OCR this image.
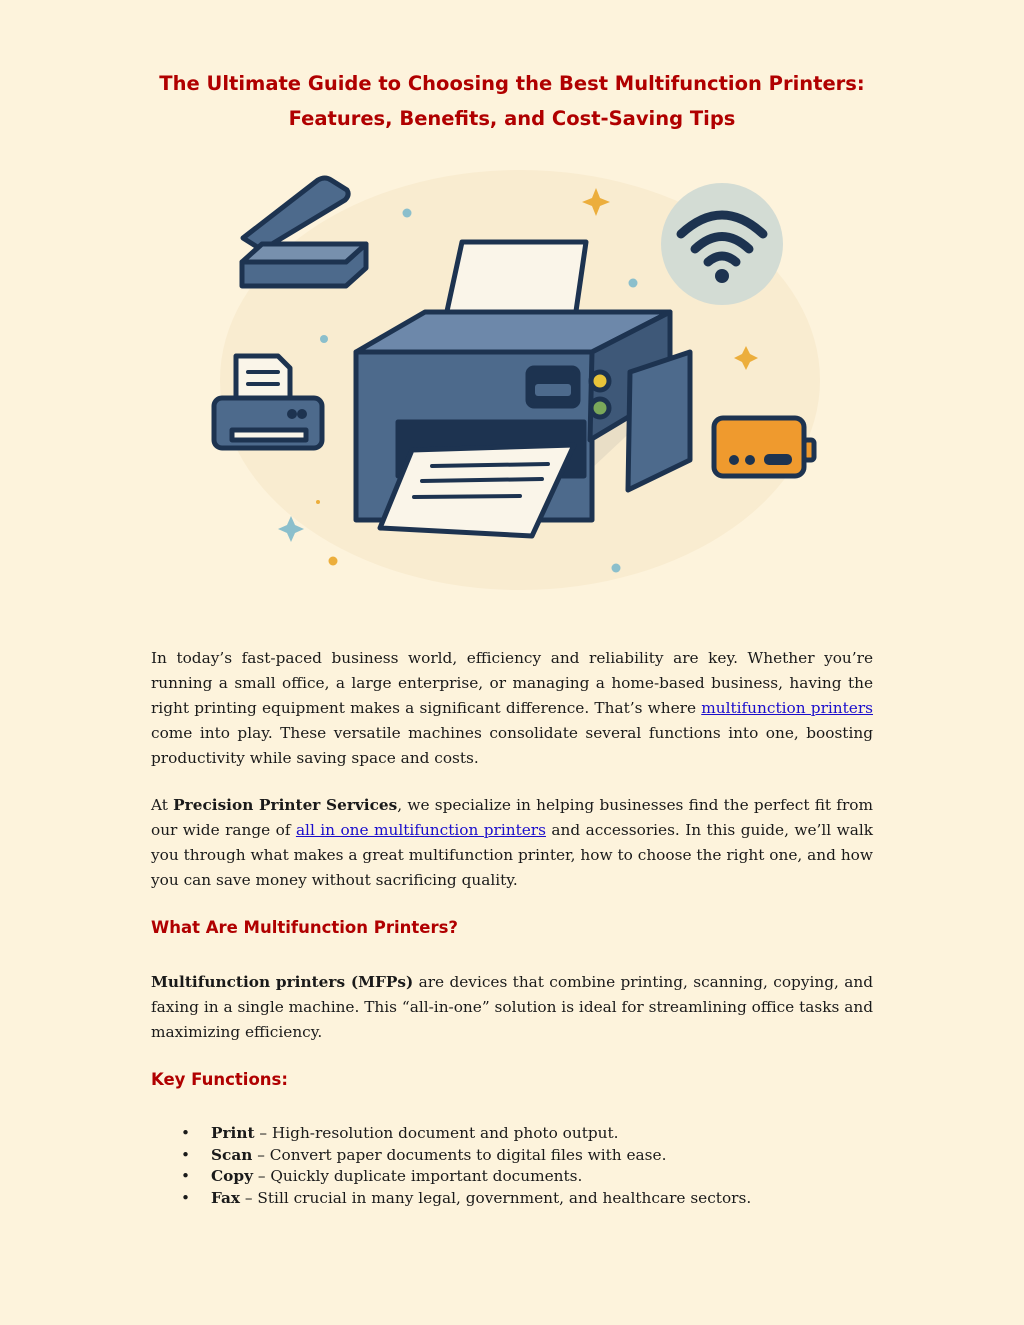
The Ultimate Guide to Choosing the Best Multifunction Printers:
Features, Benefits, and Cost-Saving Tips
In today’s fast-paced business world, efficiency and reliability are key. Whether you’re running a small office, a large enterprise, or managing a home-based business, having the right printing equipment makes a significant difference. That’s where multifunction printers come into play. These versatile machines consolidate several functions into one, boosting productivity while saving space and costs.
At Precision Printer Services, we specialize in helping businesses find the perfect fit from our wide range of all in one multifunction printers and accessories. In this guide, we’ll walk you through what makes a great multifunction printer, how to choose the right one, and how you can save money without sacrificing quality.
What Are Multifunction Printers?
Multifunction printers (MFPs) are devices that combine printing, scanning, copying, and faxing in a single machine. This “all-in-one” solution is ideal for streamlining office tasks and maximizing efficiency.
Key Functions:
• Print – High-resolution document and photo output.
• Scan – Convert paper documents to digital files with ease.
• Copy – Quickly duplicate important documents.
• Fax – Still crucial in many legal, government, and healthcare sectors.
